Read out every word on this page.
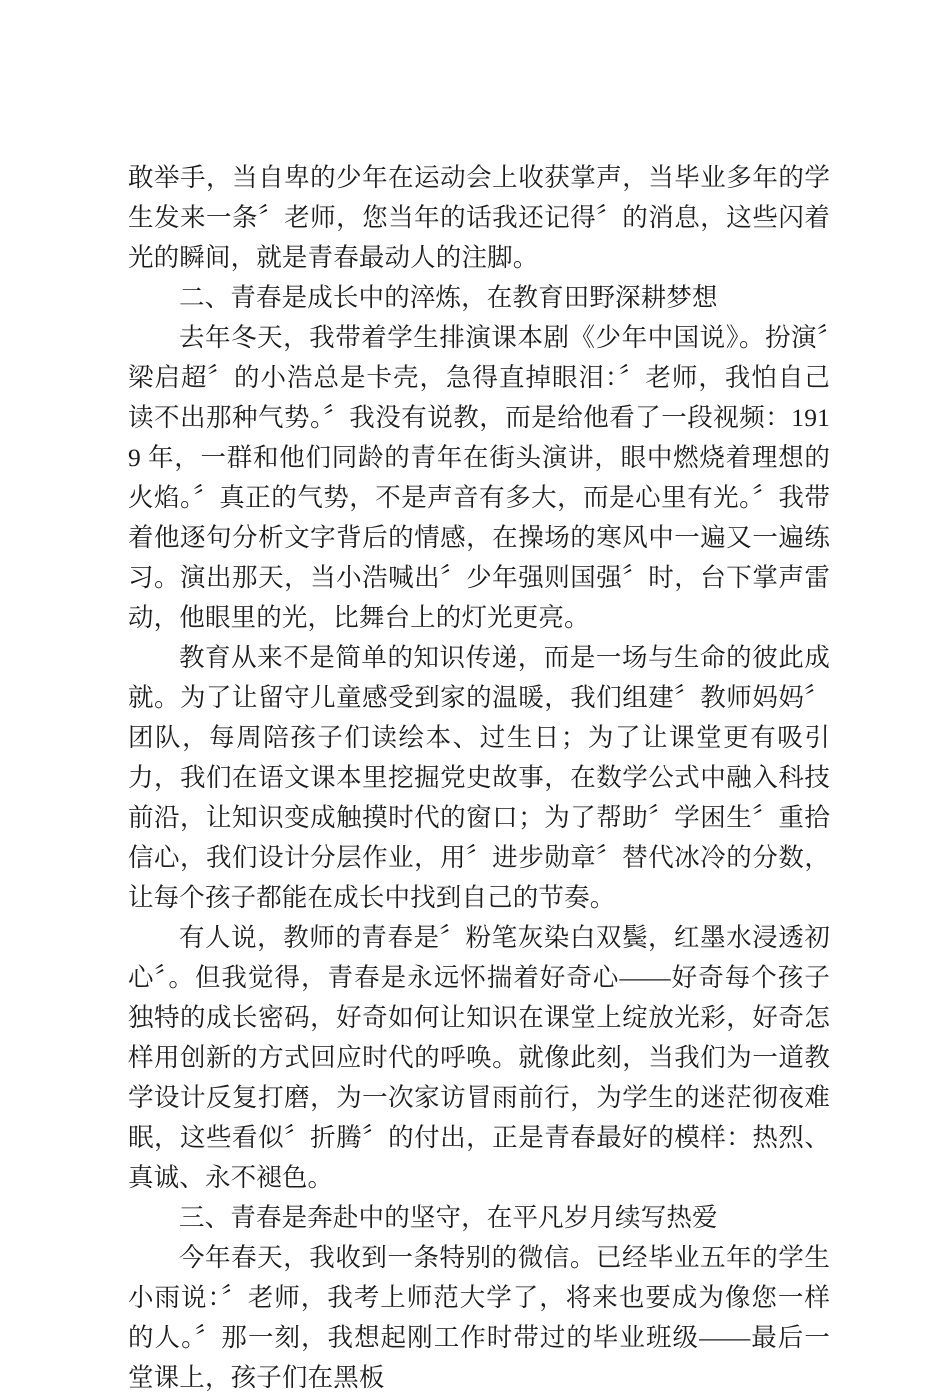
敢举手，当自卑的少年在运动会上收获掌声，当毕业多年的学生发来一条〞老师，您当年的话我还记得〞的消息，这些闪着光的瞬间，就是青春最动人的注脚。

二、青春是成长中的淬炼，在教育田野深耕梦想

去年冬天，我带着学生排演课本剧《少年中国说》。扮演〞梁启超〞的小浩总是卡壳，急得直掉眼泪：〞老师，我怕自己读不出那种气势。〞我没有说教，而是给他看了一段视频：1919 年，一群和他们同龄的青年在街头演讲，眼中燃烧着理想的火焰。〞真正的气势，不是声音有多大，而是心里有光。〞我带着他逐句分析文字背后的情感，在操场的寒风中一遍又一遍练习。演出那天，当小浩喊出〞少年强则国强〞时，台下掌声雷动，他眼里的光，比舞台上的灯光更亮。

教育从来不是简单的知识传递，而是一场与生命的彼此成就。为了让留守儿童感受到家的温暖，我们组建〞教师妈妈〞团队，每周陪孩子们读绘本、过生日；为了让课堂更有吸引力，我们在语文课本里挖掘党史故事，在数学公式中融入科技前沿，让知识变成触摸时代的窗口；为了帮助〞学困生〞重拾信心，我们设计分层作业，用〞进步勋章〞替代冰冷的分数，让每个孩子都能在成长中找到自己的节奏。

有人说，教师的青春是〞粉笔灰染白双鬓，红墨水浸透初心〞。但我觉得，青春是永远怀揣着好奇心——好奇每个孩子独特的成长密码，好奇如何让知识在课堂上绽放光彩，好奇怎样用创新的方式回应时代的呼唤。就像此刻，当我们为一道教学设计反复打磨，为一次家访冒雨前行，为学生的迷茫彻夜难眠，这些看似〞折腾〞的付出，正是青春最好的模样：热烈、真诚、永不褪色。

三、青春是奔赴中的坚守，在平凡岁月续写热爱

今年春天，我收到一条特别的微信。已经毕业五年的学生小雨说：〞老师，我考上师范大学了，将来也要成为像您一样的人。〞那一刻，我想起刚工作时带过的毕业班级——最后一堂课上，孩子们在黑板
